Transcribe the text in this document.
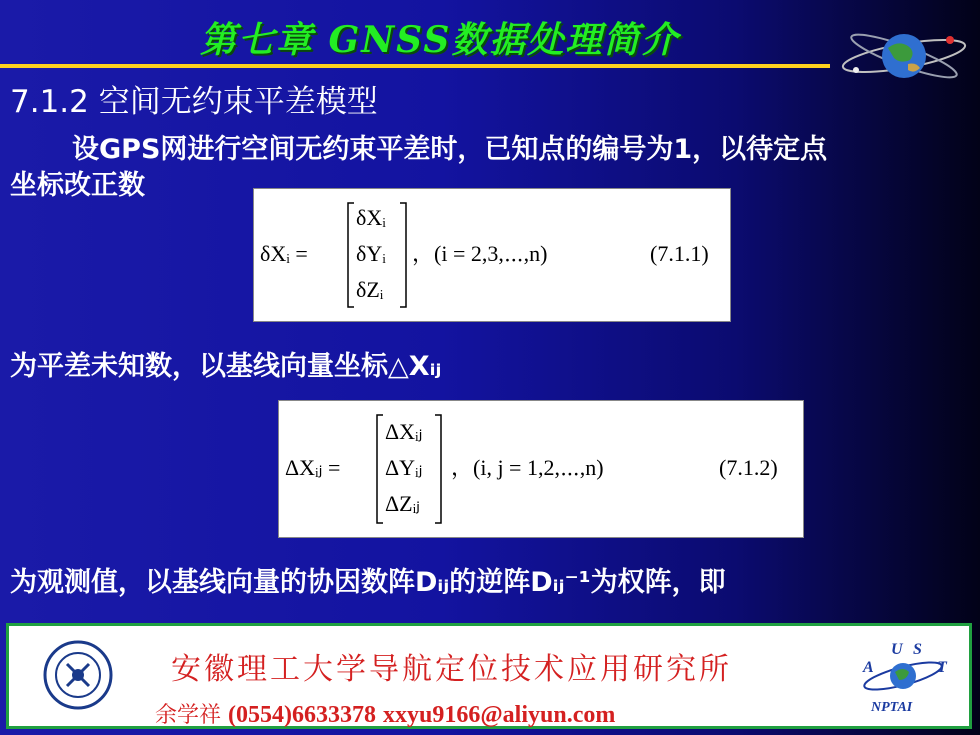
第七章 GNSS数据处理简介
7.1.2 空间无约束平差模型
设GPS网进行空间无约束平差时，已知点的编号为1，以待定点
坐标改正数
δXᵢ =
δXᵢ
δYᵢ
δZᵢ
，(i = 2,3,⋯,n)	(7.1.1)
为平差未知数，以基线向量坐标△Xᵢⱼ
ΔXᵢⱼ =
ΔXᵢⱼ
ΔYᵢⱼ
ΔZᵢⱼ
，(i, j = 1,2,⋯,n)	(7.1.2)
为观测值，以基线向量的协因数阵Dᵢⱼ的逆阵Dᵢⱼ⁻¹为权阵，即
安徽理工大学导航定位技术应用研究所
余学祥 (0554)6633378 xxyu9166@aliyun.com
A
U S
T
NPTAI
